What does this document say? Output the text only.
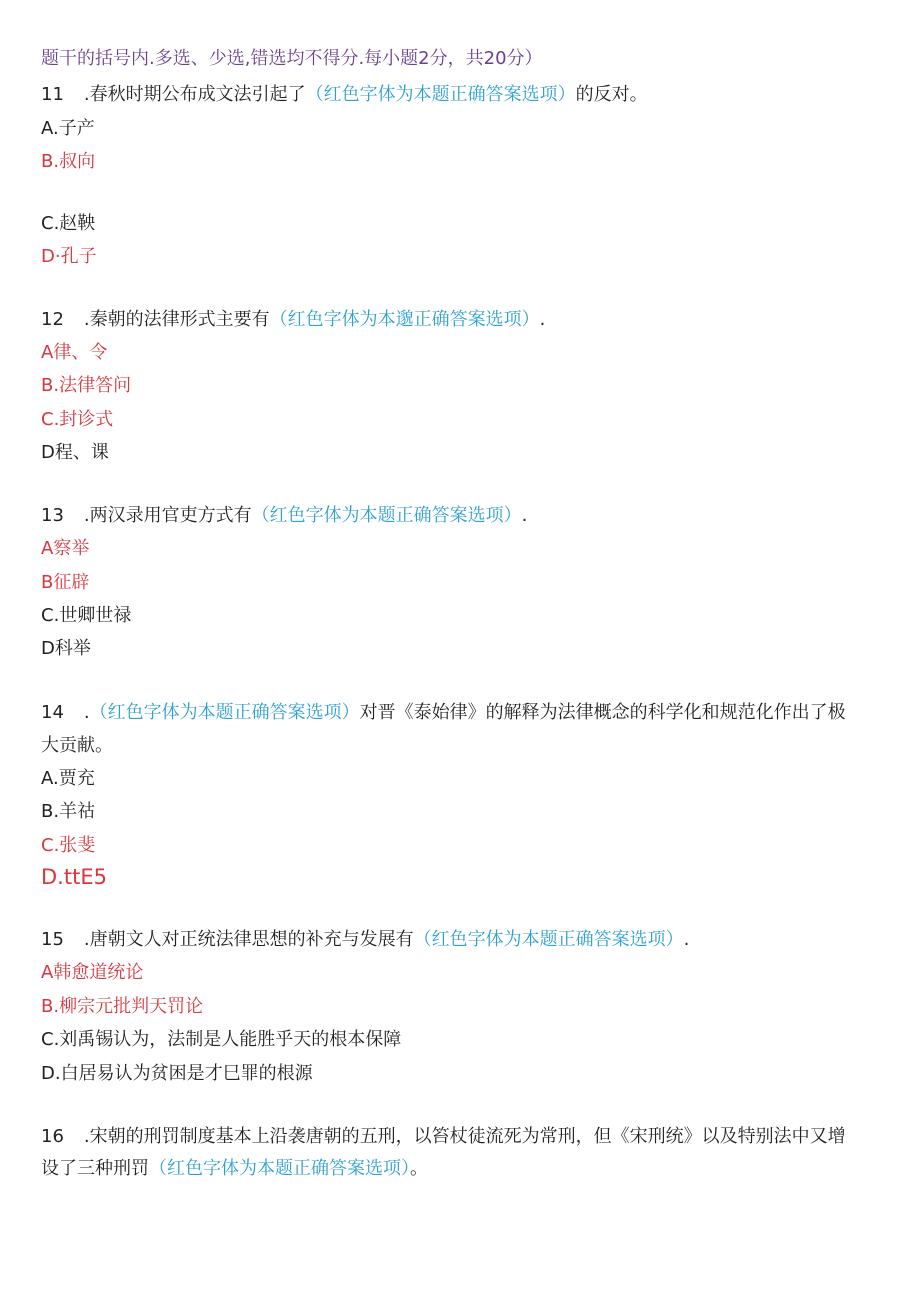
题干的括号内.多选、少选,错选均不得分.每小题2分，共20分）
11 .春秋时期公布成文法引起了（红色字体为本题正确答案选项）的反对。
A.子产
B.叔向
C.赵鞅
D·孔子
12 .秦朝的法律形式主要有（红色字体为本邈正确答案选项）.
A律、令
B.法律答问
C.封诊式
D程、课
13 .两汉录用官吏方式有（红色字体为本题正确答案选项）.
A察举
B征辟
C.世卿世禄
D科举
14 .（红色字体为本题正确答案选项）对晋《泰始律》的解释为法律概念的科学化和规范化作出了极
大贡献。
A.贾充
B.羊祜
C.张斐
D.ttE5
15 .唐朝文人对正统法律思想的补充与发展有（红色字体为本题正确答案选项）.
A韩愈道统论
B.柳宗元批判天罚论
C.刘禹锡认为，法制是人能胜乎天的根本保障
D.白居易认为贫困是才巳罪的根源
16 .宋朝的刑罚制度基本上沿袭唐朝的五刑，以笞杖徒流死为常刑，但《宋刑统》以及特别法中又增
设了三种刑罚（红色字体为本题正确答案选项）。
